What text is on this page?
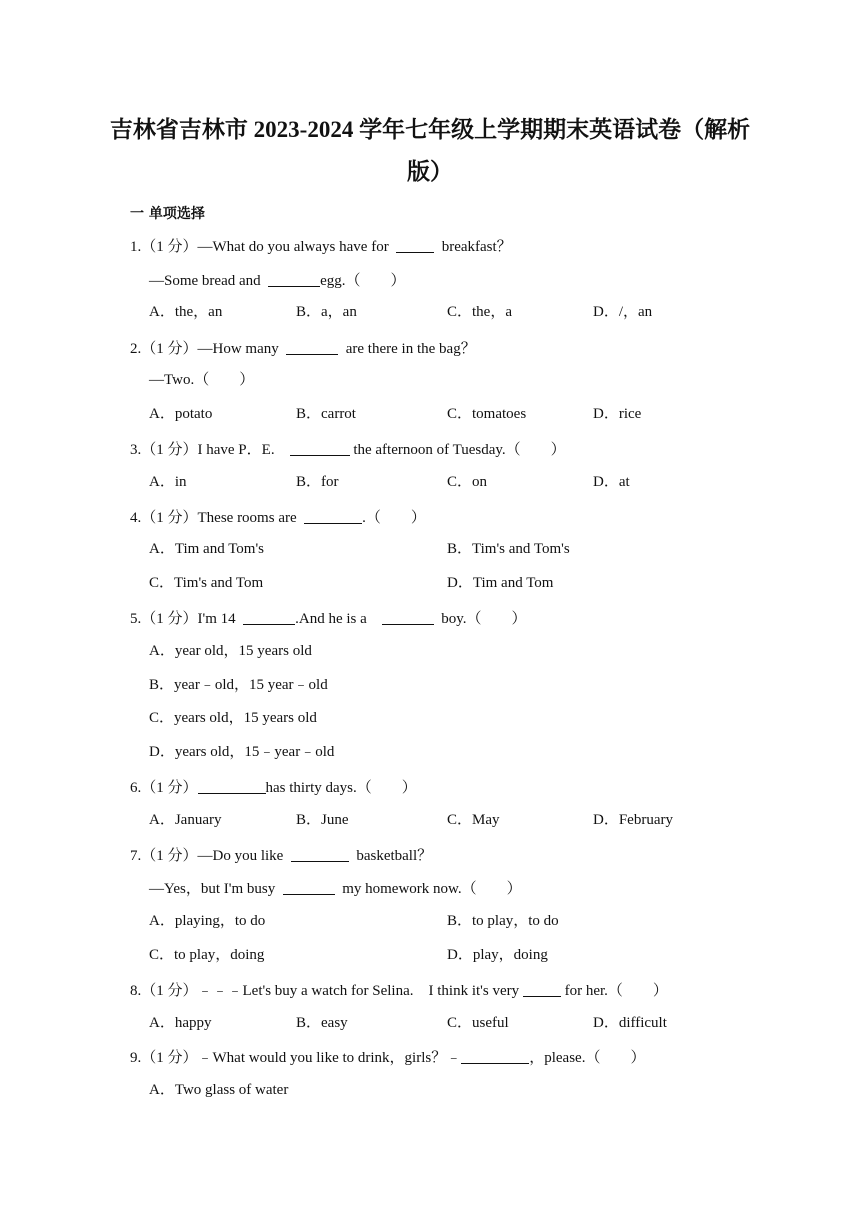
吉林省吉林市 2023-2024 学年七年级上学期期末英语试卷（解析
版）
一 单项选择
1.（1 分）—What do you always have for	breakfast？
—Some bread and	egg.（　　）
A．the，an	B．a，an	C．the，a	D．/，an
2.（1 分）—How many	are there in the bag？
—Two.（　　）
A．potato	B．carrot	C．tomatoes	D．rice
3.（1 分）I have P．E.	the afternoon of Tuesday.（　　）
A．in	B．for	C．on	D．at
4.（1 分）These rooms are	.（　　）
A．Tim and Tom's	B．Tim's and Tom's
C．Tim's and Tom	D．Tim and Tom
5.（1 分）I'm 14	.And he is a	boy.（　　）
A．year old，15 years old
B．year﹣old，15 year﹣old
C．years old，15 years old
D．years old，15﹣year﹣old
6.（1 分）	has thirty days.（　　）
A．January	B．June	C．May	D．February
7.（1 分）—Do you like	basketball？
—Yes，but I'm busy	my homework now.（　　）
A．playing，to do	B．to play，to do
C．to play，doing	D．play，doing
8.（1 分）﹣﹣﹣Let's buy a watch for Selina.    I think it's very	for her.（　　）
A．happy	B．easy	C．useful	D．difficult
9.（1 分）﹣What would you like to drink，girls？﹣	，please.（　　）
A．Two glass of water
